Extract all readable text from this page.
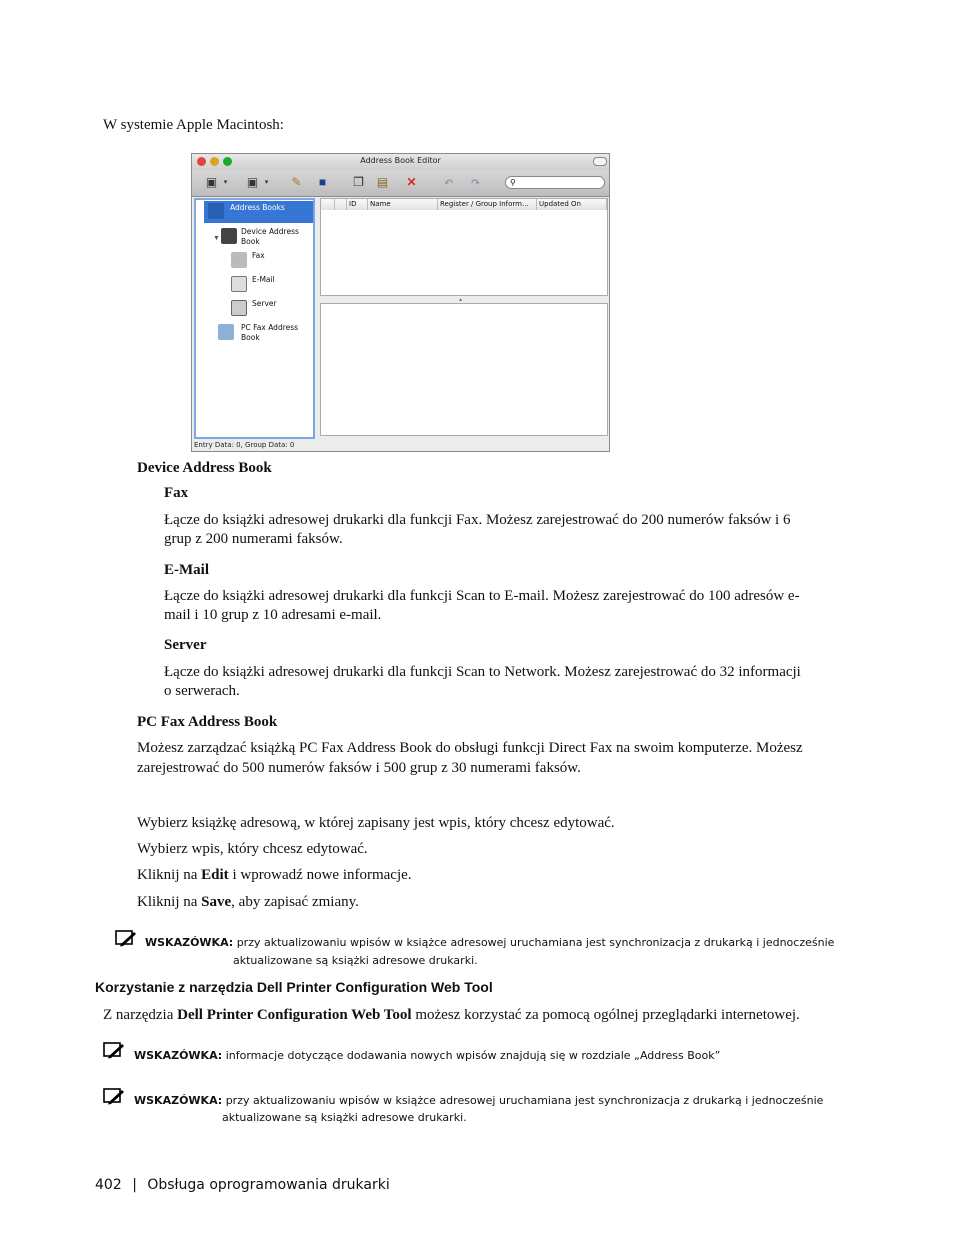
W systemie Apple Macintosh:
Address Book Editor
▣ ▾	▣ ▾	✎	■	❐ ▤ ✕ ↶ ↷	⚲
Address Books
▼
Device Address Book
Fax
E-Mail
Server
PC Fax Address Book
ID	Name	Register / Group Inform...	Updated On
▴
Entry Data: 0, Group Data: 0
Device Address Book
Fax
Łącze do książki adresowej drukarki dla funkcji Fax. Możesz zarejestrować do 200 numerów faksów i 6
grup z 200 numerami faksów.
E-Mail
Łącze do książki adresowej drukarki dla funkcji Scan to E-mail. Możesz zarejestrować do 100 adresów e-
mail i 10 grup z 10 adresami e-mail.
Server
Łącze do książki adresowej drukarki dla funkcji Scan to Network. Możesz zarejestrować do 32 informacji
o serwerach.
PC Fax Address Book
Możesz zarządzać książką PC Fax Address Book do obsługi funkcji Direct Fax na swoim komputerze. Możesz
zarejestrować do 500 numerów faksów i 500 grup z 30 numerami faksów.
Wybierz książkę adresową, w której zapisany jest wpis, który chcesz edytować.
Wybierz wpis, który chcesz edytować.
Kliknij na Edit i wprowadź nowe informacje.
Kliknij na Save, aby zapisać zmiany.
WSKAZÓWKA: przy aktualizowaniu wpisów w książce adresowej uruchamiana jest synchronizacja z drukarką i jednocześnie
aktualizowane są książki adresowe drukarki.
Korzystanie z narzędzia Dell Printer Configuration Web Tool
Z narzędzia Dell Printer Configuration Web Tool możesz korzystać za pomocą ogólnej przeglądarki internetowej.
WSKAZÓWKA: informacje dotyczące dodawania nowych wpisów znajdują się w rozdziale „Address Book”
WSKAZÓWKA: przy aktualizowaniu wpisów w książce adresowej uruchamiana jest synchronizacja z drukarką i jednocześnie
aktualizowane są książki adresowe drukarki.
402 | Obsługa oprogramowania drukarki
